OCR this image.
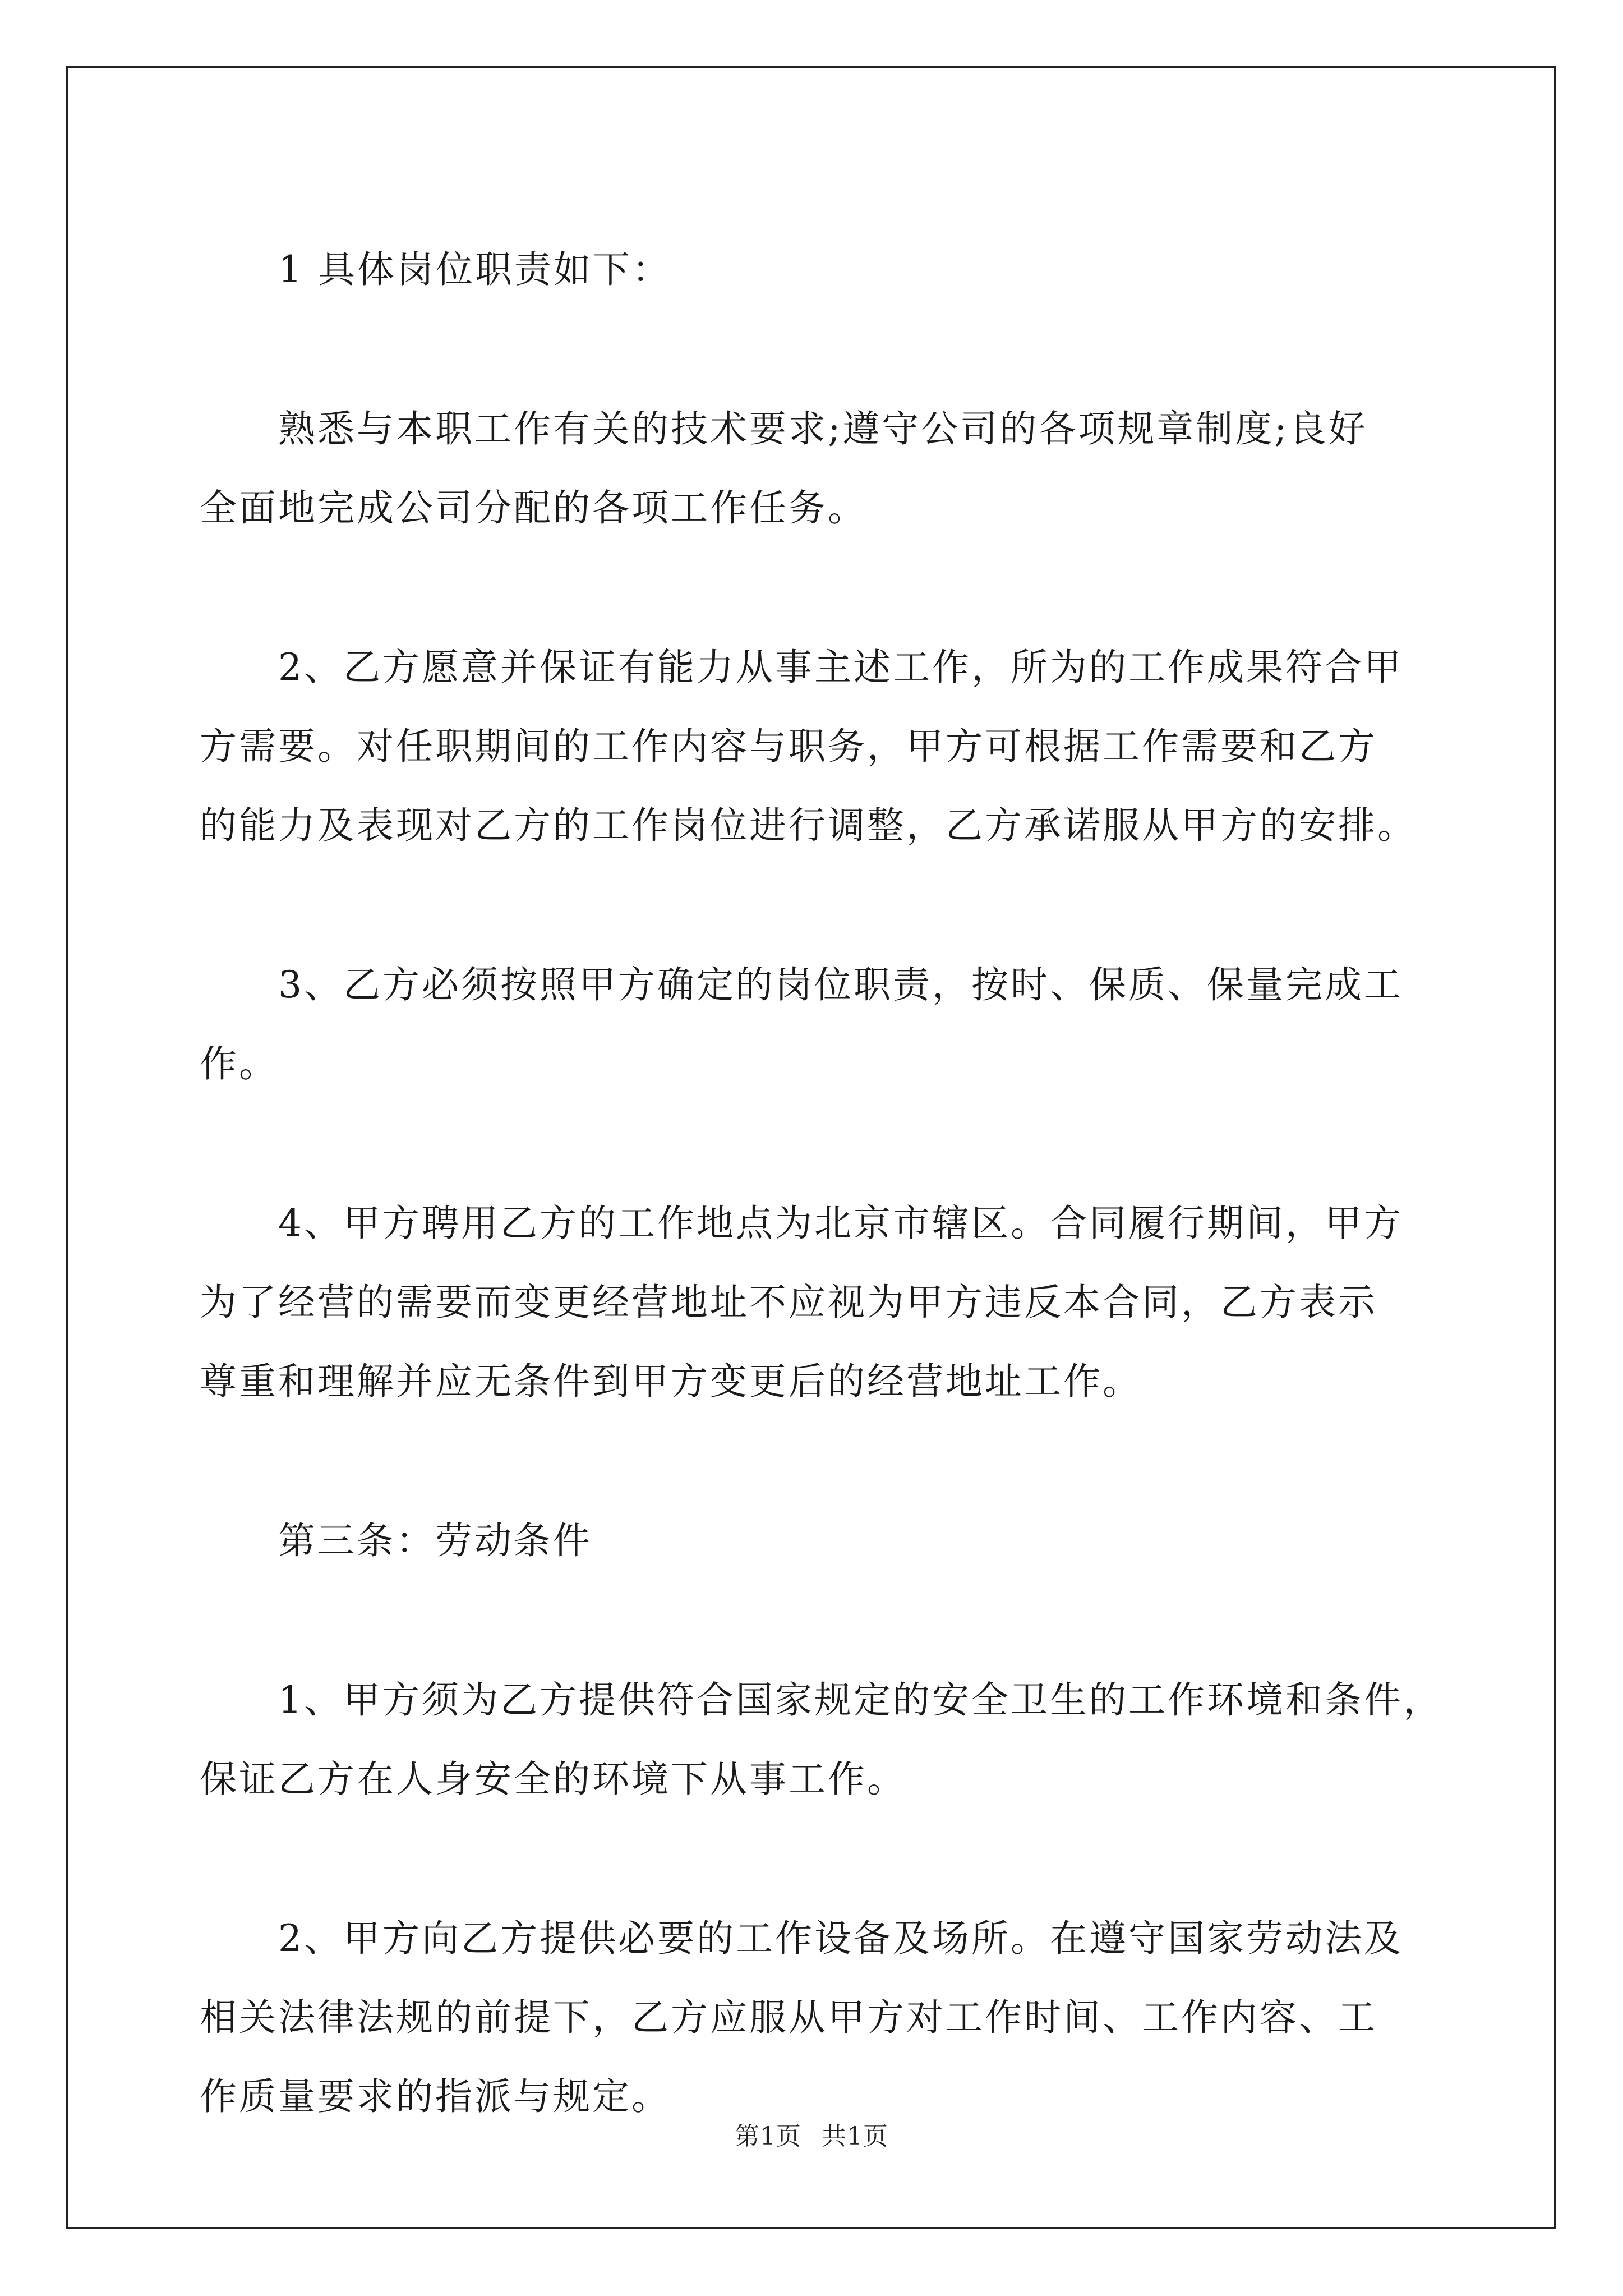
1 具体岗位职责如下：

熟悉与本职工作有关的技术要求;遵守公司的各项规章制度;良好

全面地完成公司分配的各项工作任务。

2、乙方愿意并保证有能力从事主述工作，所为的工作成果符合甲

方需要。对任职期间的工作内容与职务，甲方可根据工作需要和乙方

的能力及表现对乙方的工作岗位进行调整，乙方承诺服从甲方的安排。

3、乙方必须按照甲方确定的岗位职责，按时、保质、保量完成工

作。

4、甲方聘用乙方的工作地点为北京市辖区。合同履行期间，甲方

为了经营的需要而变更经营地址不应视为甲方违反本合同，乙方表示

尊重和理解并应无条件到甲方变更后的经营地址工作。

第三条：劳动条件

1、甲方须为乙方提供符合国家规定的安全卫生的工作环境和条件，

保证乙方在人身安全的环境下从事工作。

2、甲方向乙方提供必要的工作设备及场所。在遵守国家劳动法及

相关法律法规的前提下，乙方应服从甲方对工作时间、工作内容、工

作质量要求的指派与规定。

第1页 共1页
